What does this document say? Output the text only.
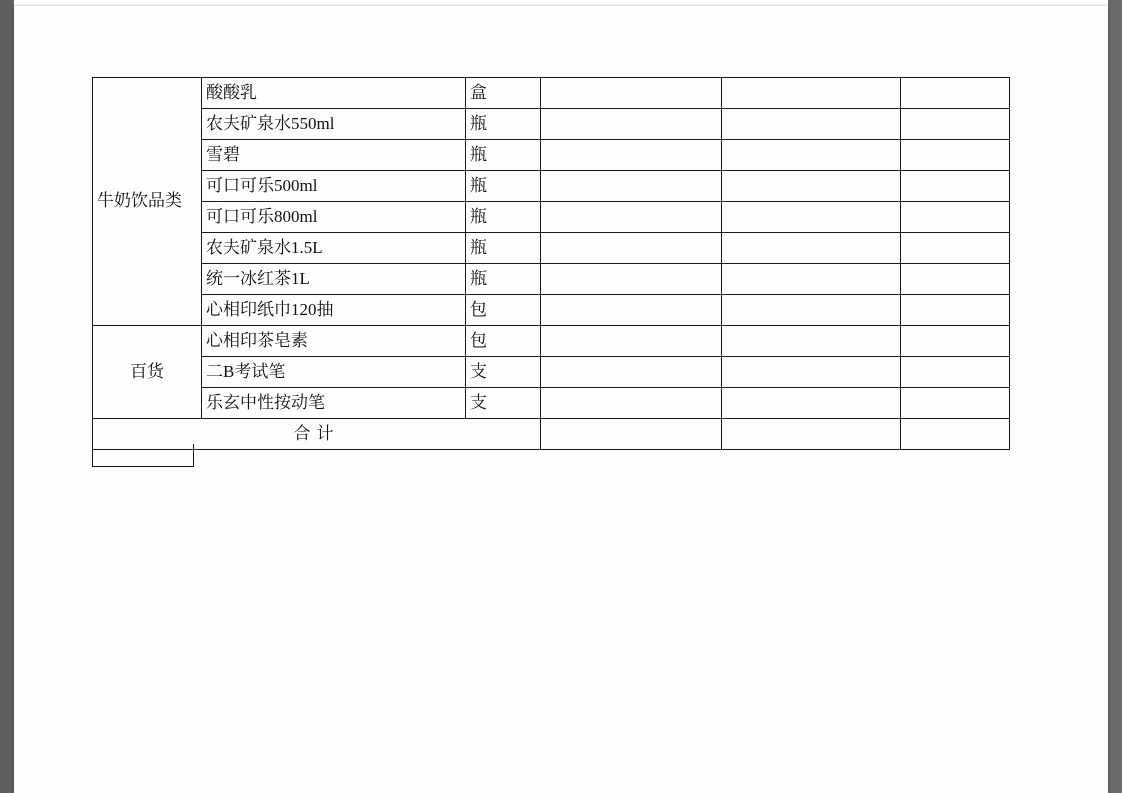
牛奶饮品类	酸酸乳	盒			
	农夫矿泉水550ml	瓶			
	雪碧	瓶			
	可口可乐500ml	瓶			
	可口可乐800ml	瓶			
	农夫矿泉水1.5L	瓶			
	统一冰红茶1L	瓶			
	心相印纸巾120抽	包			
百货	心相印茶皂素	包			
	二B考试笔	支			
	乐玄中性按动笔	支			
合计					
